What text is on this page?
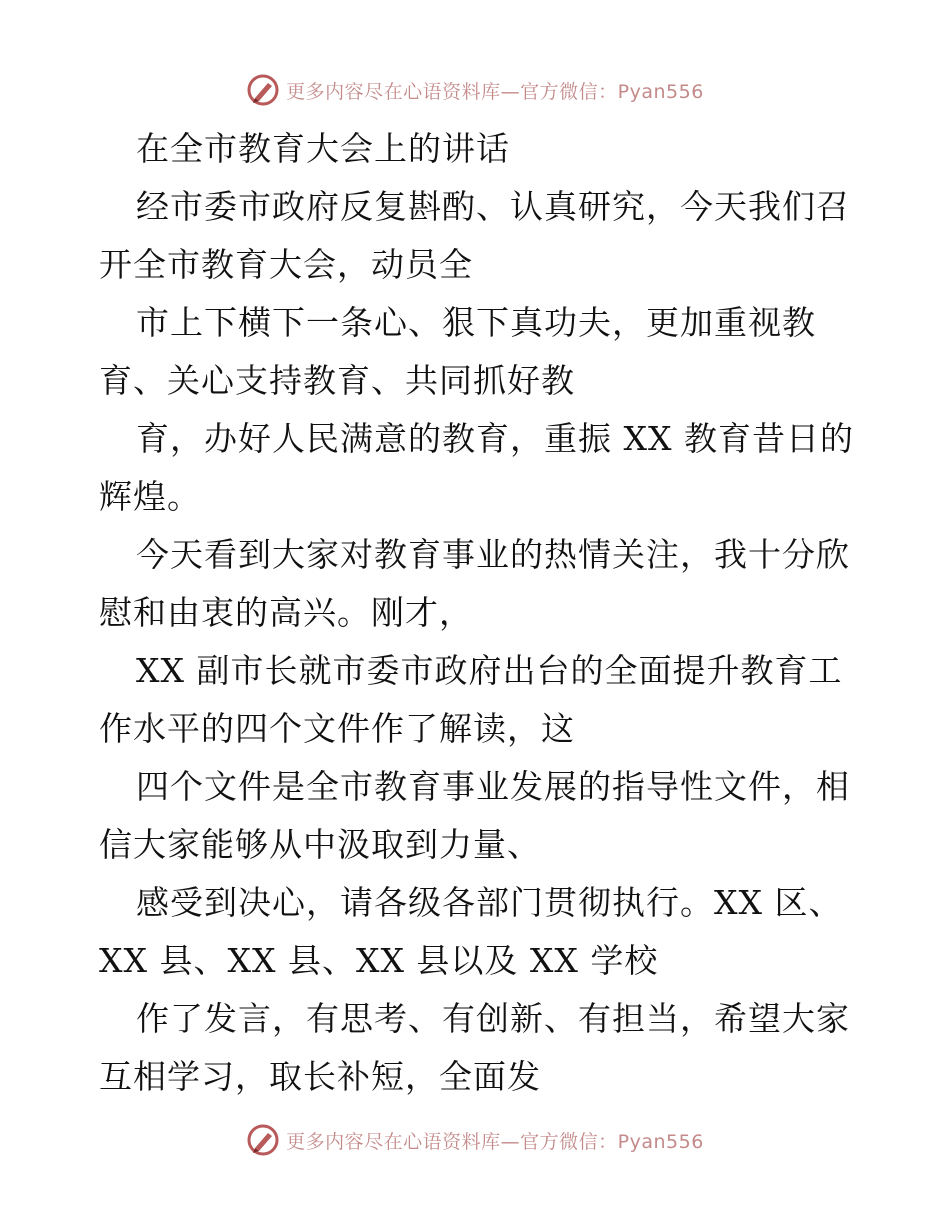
更多内容尽在心语资料库—官方微信：Pyan556
在全市教育大会上的讲话
经市委市政府反复斟酌、认真研究，今天我们召
开全市教育大会，动员全
市上下横下一条心、狠下真功夫，更加重视教
育、关心支持教育、共同抓好教
育，办好人民满意的教育，重振 XX 教育昔日的
辉煌。
今天看到大家对教育事业的热情关注，我十分欣
慰和由衷的高兴。刚才，
XX 副市长就市委市政府出台的全面提升教育工
作水平的四个文件作了解读，这
四个文件是全市教育事业发展的指导性文件，相
信大家能够从中汲取到力量、
感受到决心，请各级各部门贯彻执行。XX 区、
XX 县、XX 县、XX 县以及 XX 学校
作了发言，有思考、有创新、有担当，希望大家
互相学习，取长补短，全面发
更多内容尽在心语资料库—官方微信：Pyan556
